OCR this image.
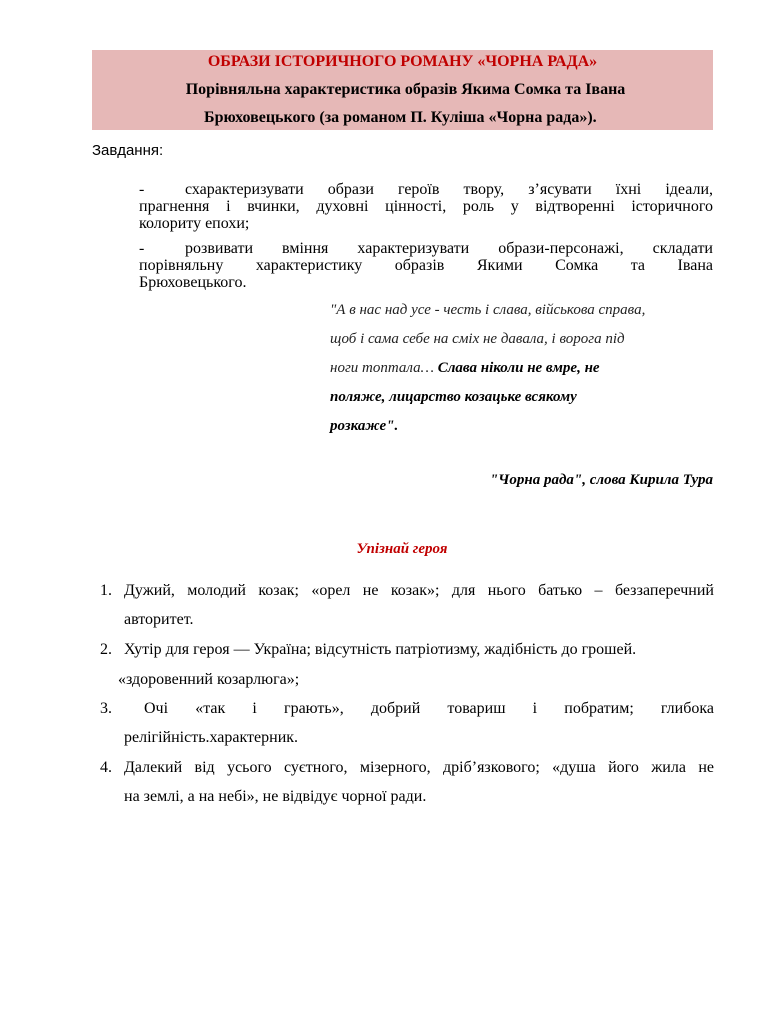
ОБРАЗИ ІСТОРИЧНОГО РОМАНУ «ЧОРНА РАДА»
Порівняльна характеристика образів Якима Сомка та Івана
Брюховецького (за романом П. Куліша «Чорна рада»).
Завдання:

-	схарактеризувати образи героїв твору, з’ясувати їхні ідеали,

прагнення і вчинки, духовні цінності, роль у відтворенні історичного

колориту епохи;

-	розвивати вміння характеризувати образи-персонажі, складати

порівняльну характеристику образів Якими Сомка та Івана

Брюховецького.

"А в нас над усе - честь і слава, військова справа,
щоб і сама себе на сміх не давала, і ворога під
ноги топтала… Слава ніколи не вмре, не
поляже, лицарство козацьке всякому
розкаже".
"Чорна рада", слова Кирила Тура
Упізнай героя
1. Дужий, молодий козак; «орел не козак»; для нього батько – беззаперечний

авторитет.

2. Хутір для героя — Україна; відсутність патріотизму, жадібність до грошей.

«здоровенний козарлюга»;
3. Очі «так і грають», добрий товариш і побратим; глибока

релігійність.характерник.

4. Далекий від усього суєтного, мізерного, дріб’язкового; «душа його жила не

на землі, а на небі», не відвідує чорної ради.
